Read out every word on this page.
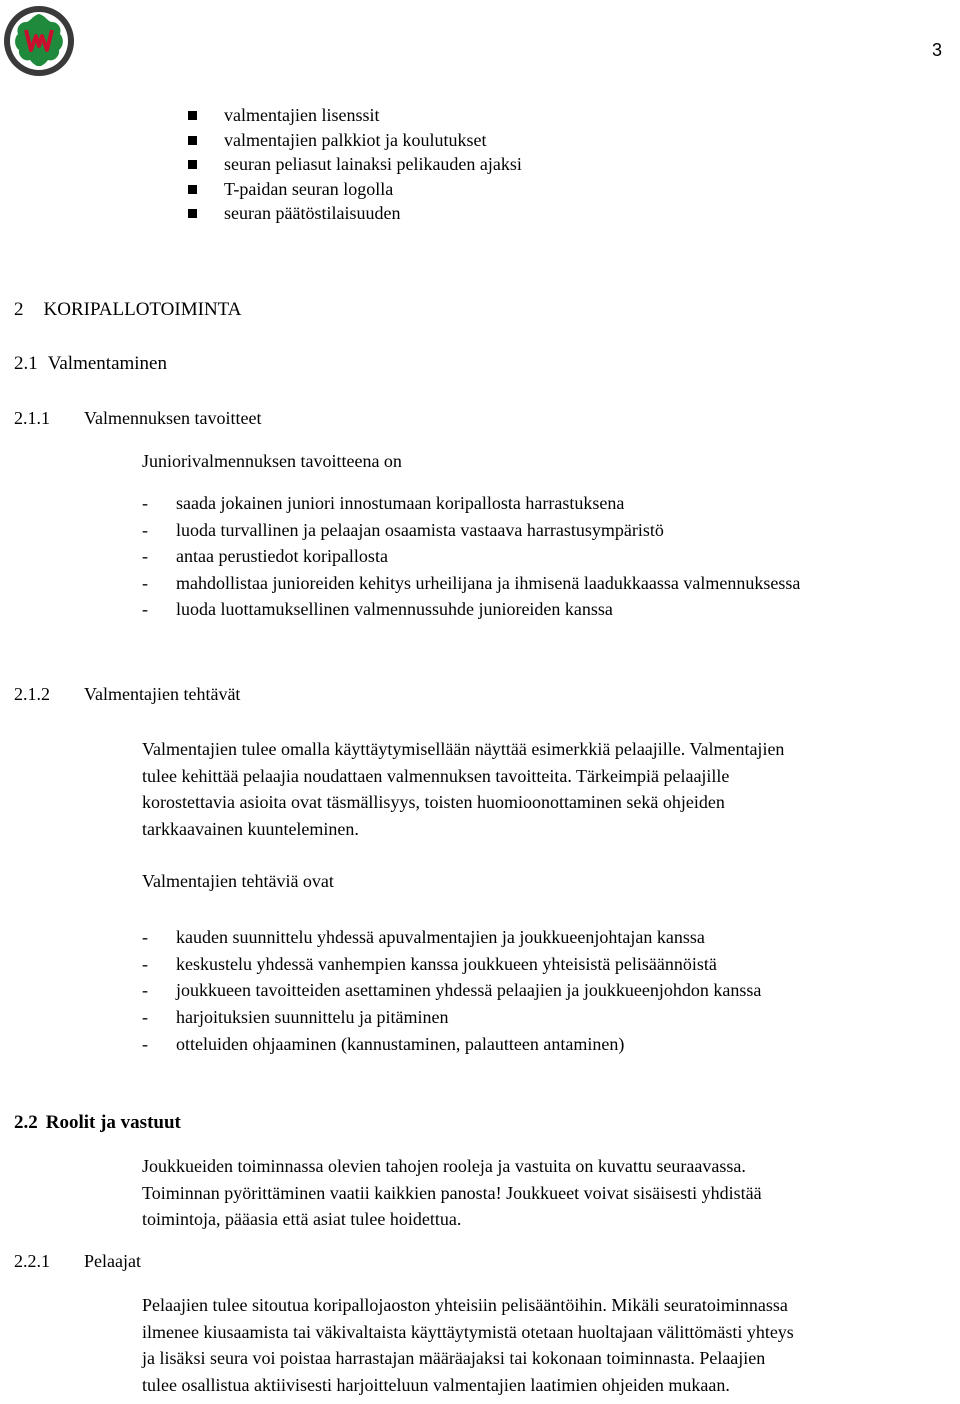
3
valmentajien lisenssit
valmentajien palkkiot ja koulutukset
seuran peliasut lainaksi pelikauden ajaksi
T-paidan seuran logolla
seuran päätöstilaisuuden
2 KORIPALLOTOIMINTA
2.1 Valmentaminen
2.1.1 Valmennuksen tavoitteet
Juniorivalmennuksen tavoitteena on
- saada jokainen juniori innostumaan koripallosta harrastuksena
- luoda turvallinen ja pelaajan osaamista vastaava harrastusympäristö
- antaa perustiedot koripallosta
- mahdollistaa junioreiden kehitys urheilijana ja ihmisenä laadukkaassa valmennuksessa
- luoda luottamuksellinen valmennussuhde junioreiden kanssa
2.1.2 Valmentajien tehtävät
Valmentajien tulee omalla käyttäytymisellään näyttää esimerkkiä pelaajille. Valmentajien
tulee kehittää pelaajia noudattaen valmennuksen tavoitteita. Tärkeimpiä pelaajille
korostettavia asioita ovat täsmällisyys, toisten huomioonottaminen sekä ohjeiden
tarkkaavainen kuunteleminen.
Valmentajien tehtäviä ovat
- kauden suunnittelu yhdessä apuvalmentajien ja joukkueenjohtajan kanssa
- keskustelu yhdessä vanhempien kanssa joukkueen yhteisistä pelisäännöistä
- joukkueen tavoitteiden asettaminen yhdessä pelaajien ja joukkueenjohdon kanssa
- harjoituksien suunnittelu ja pitäminen
- otteluiden ohjaaminen (kannustaminen, palautteen antaminen)
2.2 Roolit ja vastuut
Joukkueiden toiminnassa olevien tahojen rooleja ja vastuita on kuvattu seuraavassa.
Toiminnan pyörittäminen vaatii kaikkien panosta! Joukkueet voivat sisäisesti yhdistää
toimintoja, pääasia että asiat tulee hoidettua.
2.2.1 Pelaajat
Pelaajien tulee sitoutua koripallojaoston yhteisiin pelisääntöihin. Mikäli seuratoiminnassa
ilmenee kiusaamista tai väkivaltaista käyttäytymistä otetaan huoltajaan välittömästi yhteys
ja lisäksi seura voi poistaa harrastajan määräajaksi tai kokonaan toiminnasta. Pelaajien
tulee osallistua aktiivisesti harjoitteluun valmentajien laatimien ohjeiden mukaan.
